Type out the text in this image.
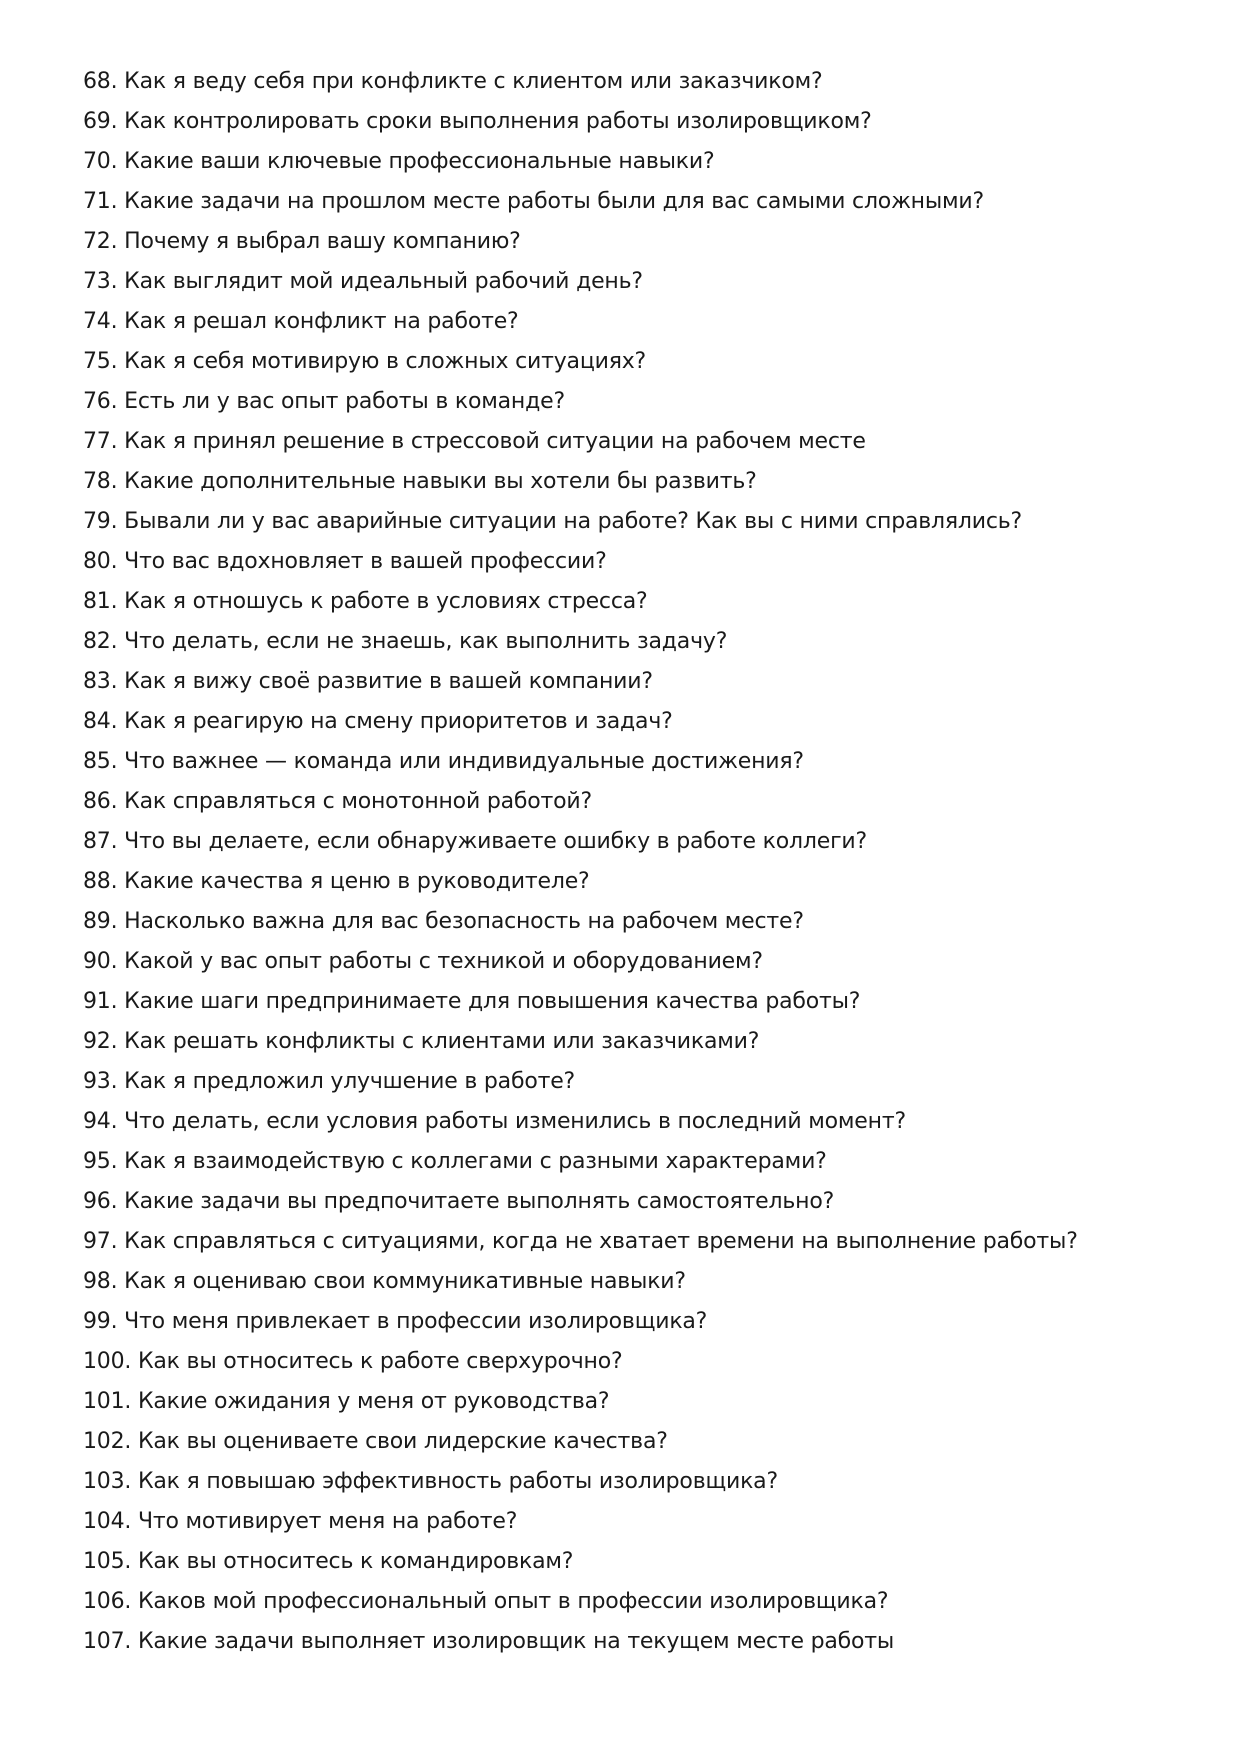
68. Как я веду себя при конфликте с клиентом или заказчиком?
69. Как контролировать сроки выполнения работы изолировщиком?
70. Какие ваши ключевые профессиональные навыки?
71. Какие задачи на прошлом месте работы были для вас самыми сложными?
72. Почему я выбрал вашу компанию?
73. Как выглядит мой идеальный рабочий день?
74. Как я решал конфликт на работе?
75. Как я себя мотивирую в сложных ситуациях?
76. Есть ли у вас опыт работы в команде?
77. Как я принял решение в стрессовой ситуации на рабочем месте
78. Какие дополнительные навыки вы хотели бы развить?
79. Бывали ли у вас аварийные ситуации на работе? Как вы с ними справлялись?
80. Что вас вдохновляет в вашей профессии?
81. Как я отношусь к работе в условиях стресса?
82. Что делать, если не знаешь, как выполнить задачу?
83. Как я вижу своё развитие в вашей компании?
84. Как я реагирую на смену приоритетов и задач?
85. Что важнее — команда или индивидуальные достижения?
86. Как справляться с монотонной работой?
87. Что вы делаете, если обнаруживаете ошибку в работе коллеги?
88. Какие качества я ценю в руководителе?
89. Насколько важна для вас безопасность на рабочем месте?
90. Какой у вас опыт работы с техникой и оборудованием?
91. Какие шаги предпринимаете для повышения качества работы?
92. Как решать конфликты с клиентами или заказчиками?
93. Как я предложил улучшение в работе?
94. Что делать, если условия работы изменились в последний момент?
95. Как я взаимодействую с коллегами с разными характерами?
96. Какие задачи вы предпочитаете выполнять самостоятельно?
97. Как справляться с ситуациями, когда не хватает времени на выполнение работы?
98. Как я оцениваю свои коммуникативные навыки?
99. Что меня привлекает в профессии изолировщика?
100. Как вы относитесь к работе сверхурочно?
101. Какие ожидания у меня от руководства?
102. Как вы оцениваете свои лидерские качества?
103. Как я повышаю эффективность работы изолировщика?
104. Что мотивирует меня на работе?
105. Как вы относитесь к командировкам?
106. Каков мой профессиональный опыт в профессии изолировщика?
107. Какие задачи выполняет изолировщик на текущем месте работы
